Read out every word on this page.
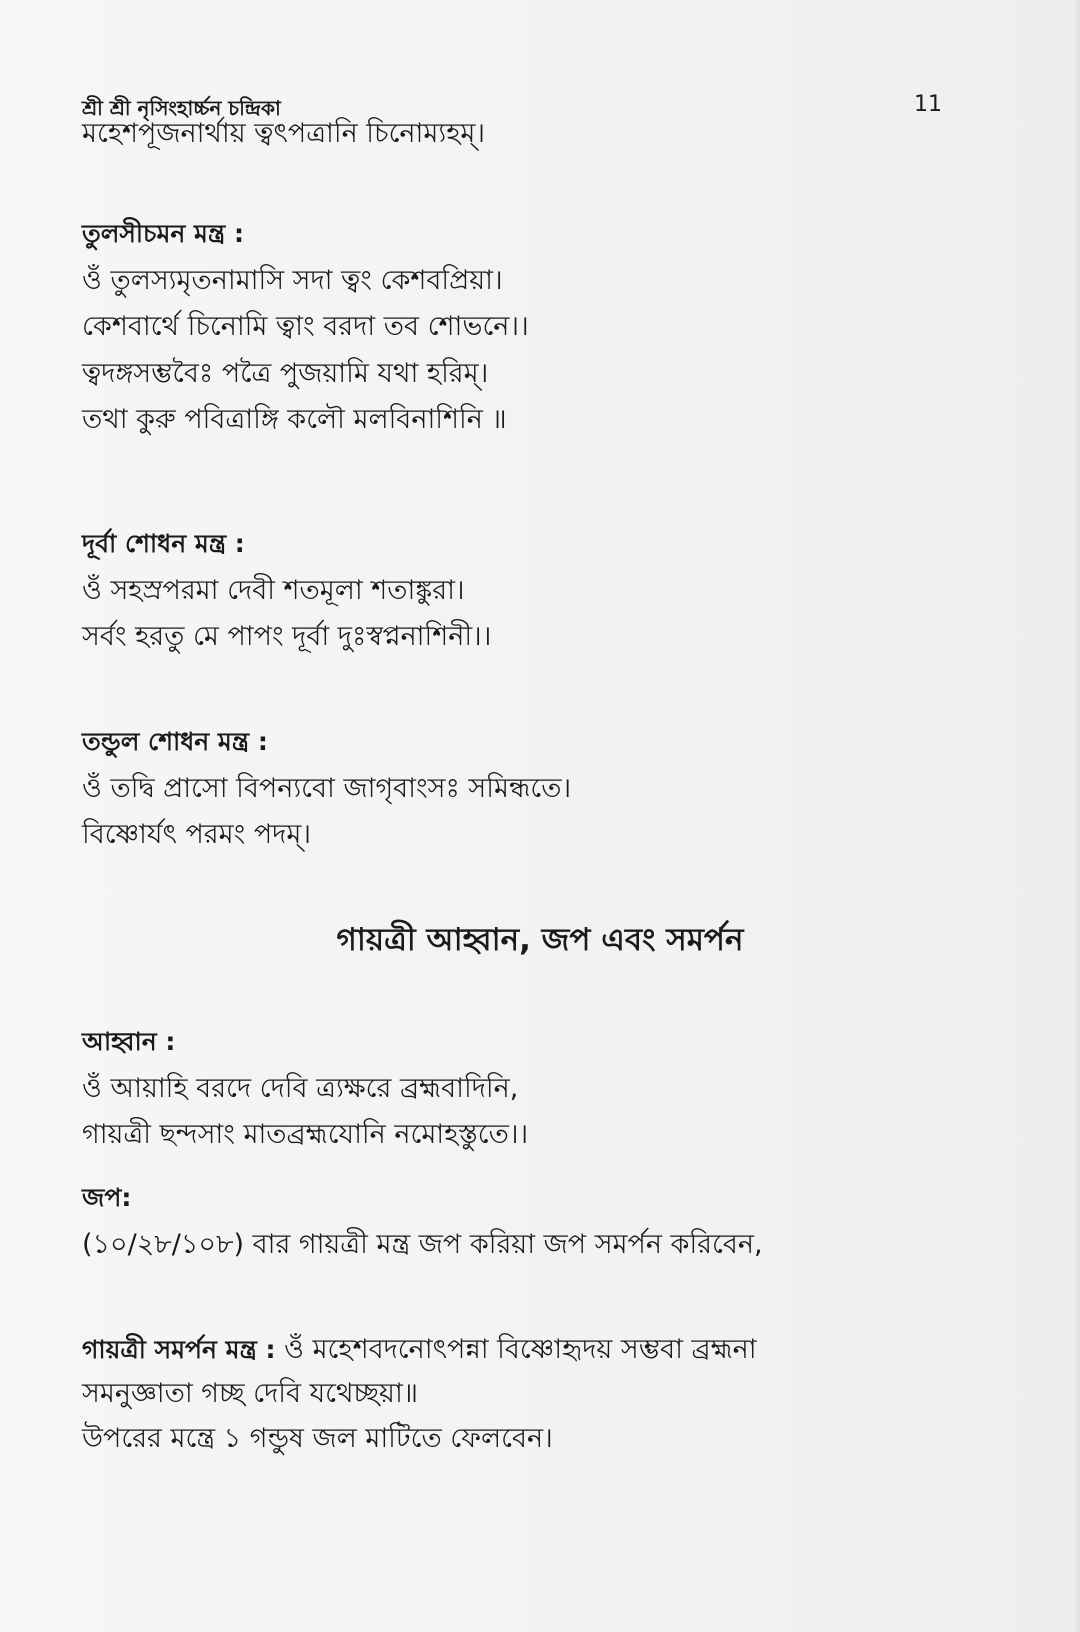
শ্রী শ্রী নৃসিংহার্চ্চন চন্দ্রিকা	11
মহেশপূজনার্থায় ত্বৎপত্রানি চিনোম্যহম্।
তুলসীচমন মন্ত্র :
ওঁ তুলস্যমৃতনামাসি সদা ত্বং কেশবপ্রিয়া।
কেশবার্থে চিনোমি ত্বাং বরদা তব শোভনে।।
ত্বদঙ্গসম্ভবৈঃ পত্রৈ পুজয়ামি যথা হরিম্।
তথা কুরু পবিত্রাঙ্গি কলৌ মলবিনাশিনি ॥
দূর্বা শোধন মন্ত্র :
ওঁ সহস্রপরমা দেবী শতমূলা শতাঙ্কুরা।
সর্বং হরতু মে পাপং দূর্বা দুঃস্বপ্ননাশিনী।।
তন্ডুল শোধন মন্ত্র :
ওঁ তদ্বি প্রাসো বিপন্যবো জাগৃবাংসঃ সমিন্ধতে।
বিষ্ণোর্যৎ পরমং পদম্।
গায়ত্রী আহ্বান, জপ এবং সমর্পন
আহ্বান :
ওঁ আয়াহি বরদে দেবি ত্র্যক্ষরে ব্রহ্মবাদিনি,
গায়ত্রী ছন্দসাং মাতব্রহ্মযোনি নমোহস্তুতে।।
জপ:
(১০/২৮/১০৮) বার গায়ত্রী মন্ত্র জপ করিয়া জপ সমর্পন করিবেন,
গায়ত্রী সমর্পন মন্ত্র : ওঁ মহেশবদনোৎপন্না বিষ্ণোহৃদয় সম্ভবা ব্রহ্মনা
সমনুজ্ঞাতা গচ্ছ দেবি যথেচ্ছয়া॥
উপরের মন্ত্রে ১ গন্ডুষ জল মাটিতে ফেলবেন।
